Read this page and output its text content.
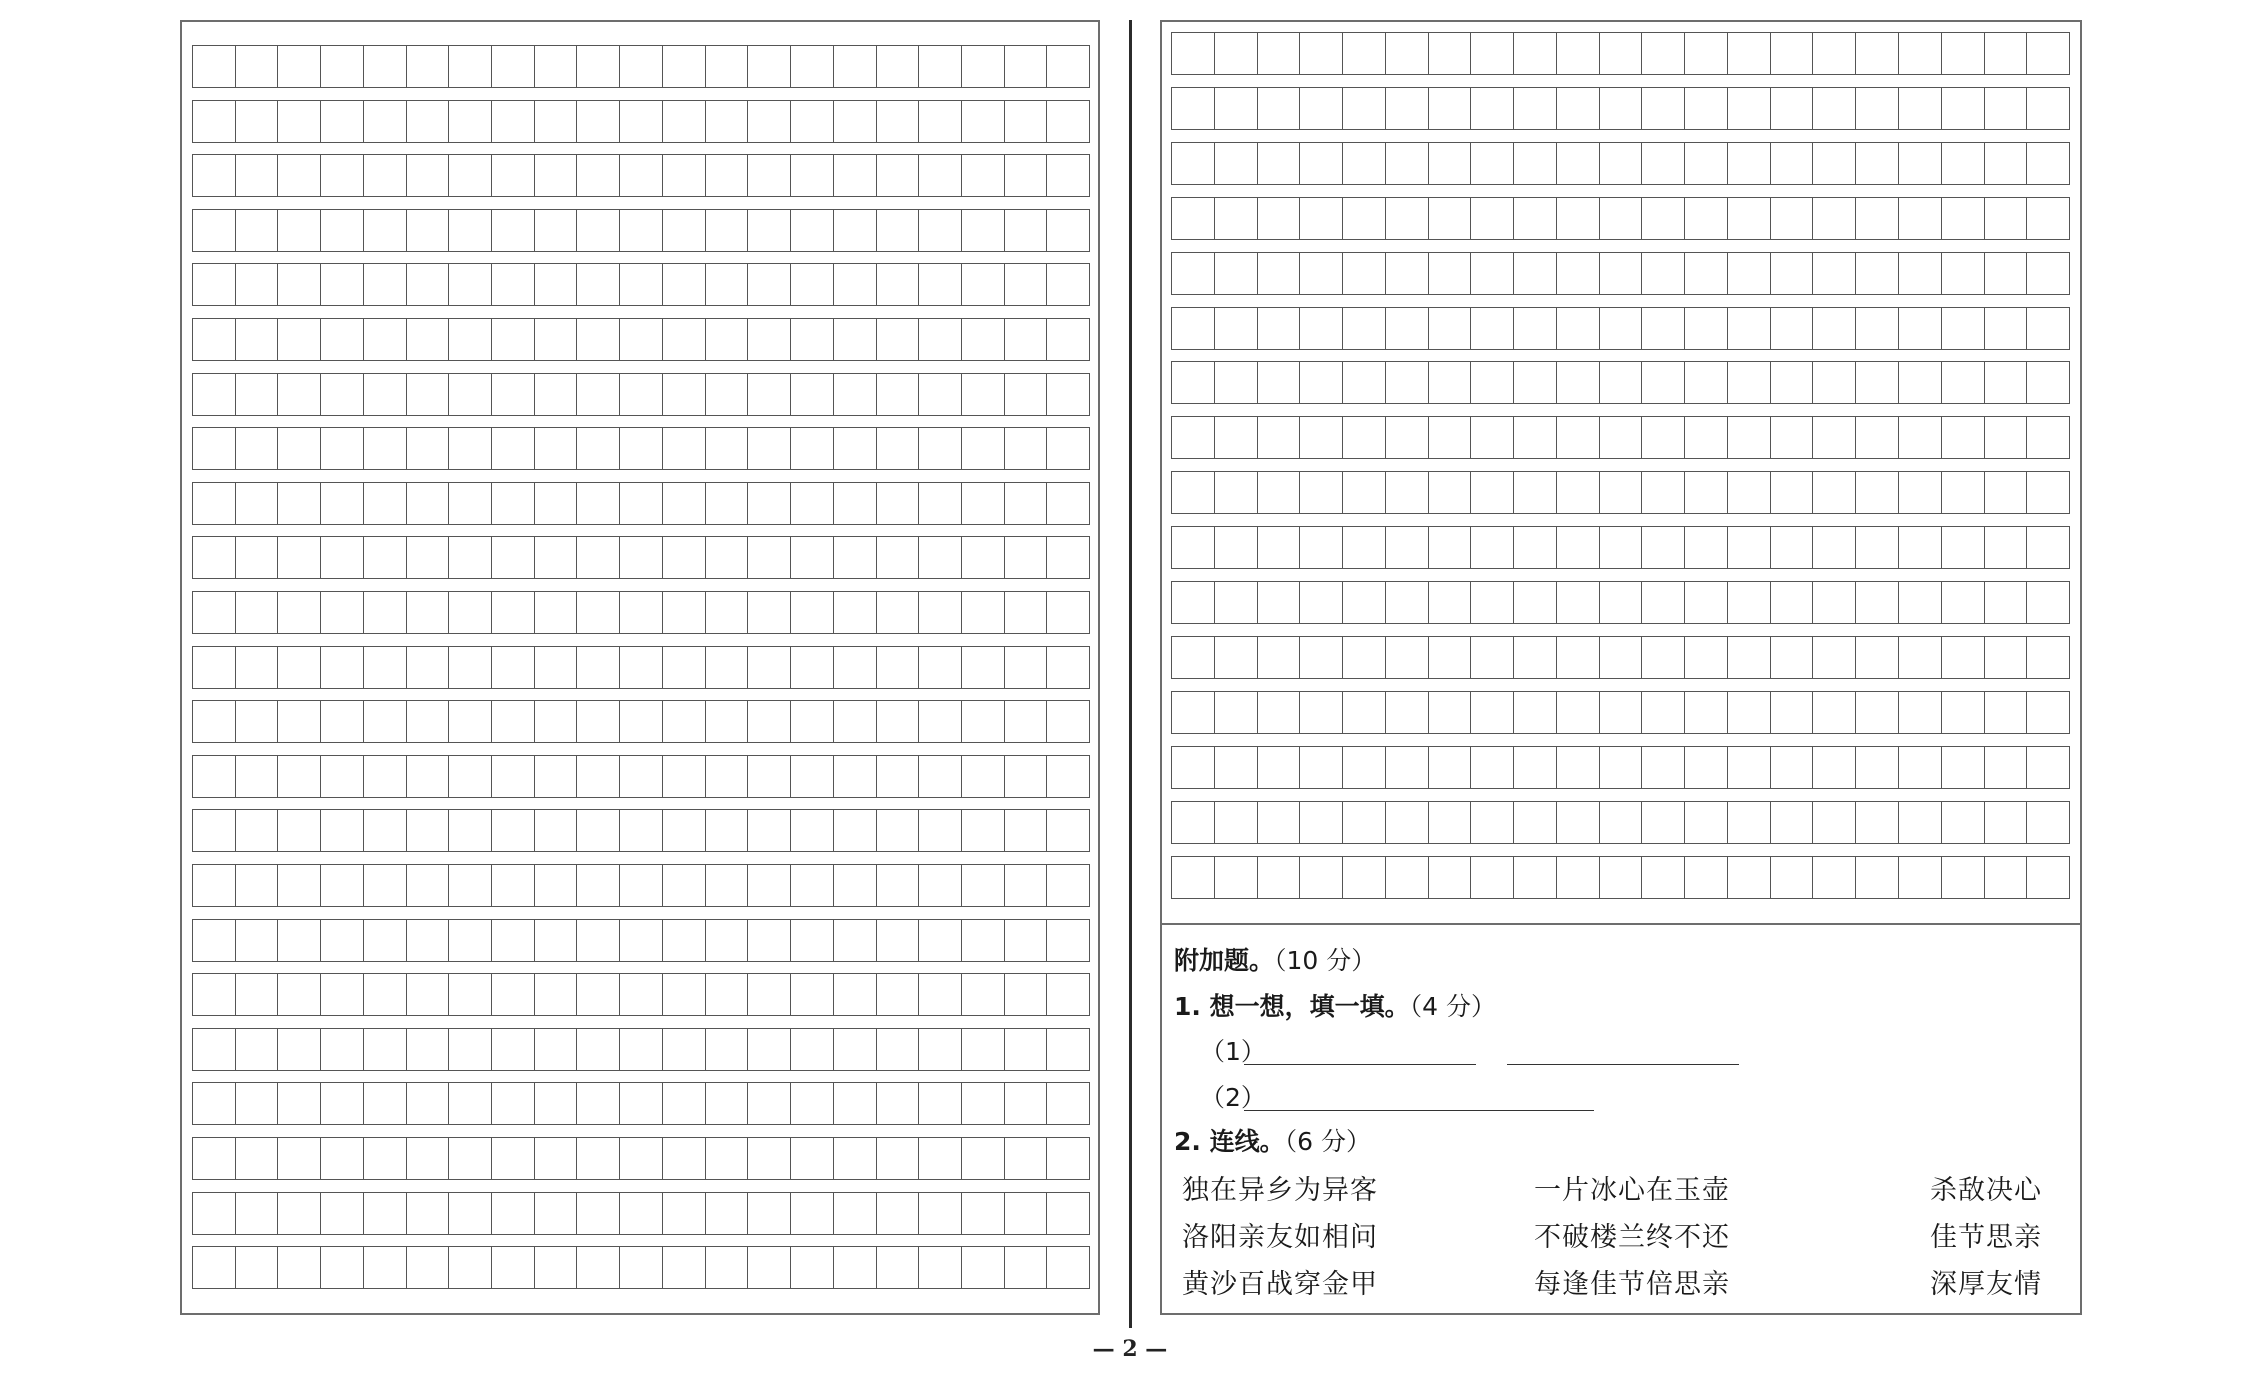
附加题。（10 分）
1. 想一想，填一填。（4 分）
（1）
（2）
2. 连线。（6 分）
独在异乡为异客
洛阳亲友如相问
黄沙百战穿金甲
一片冰心在玉壶
不破楼兰终不还
每逢佳节倍思亲
杀敌决心
佳节思亲
深厚友情
— 2 —
